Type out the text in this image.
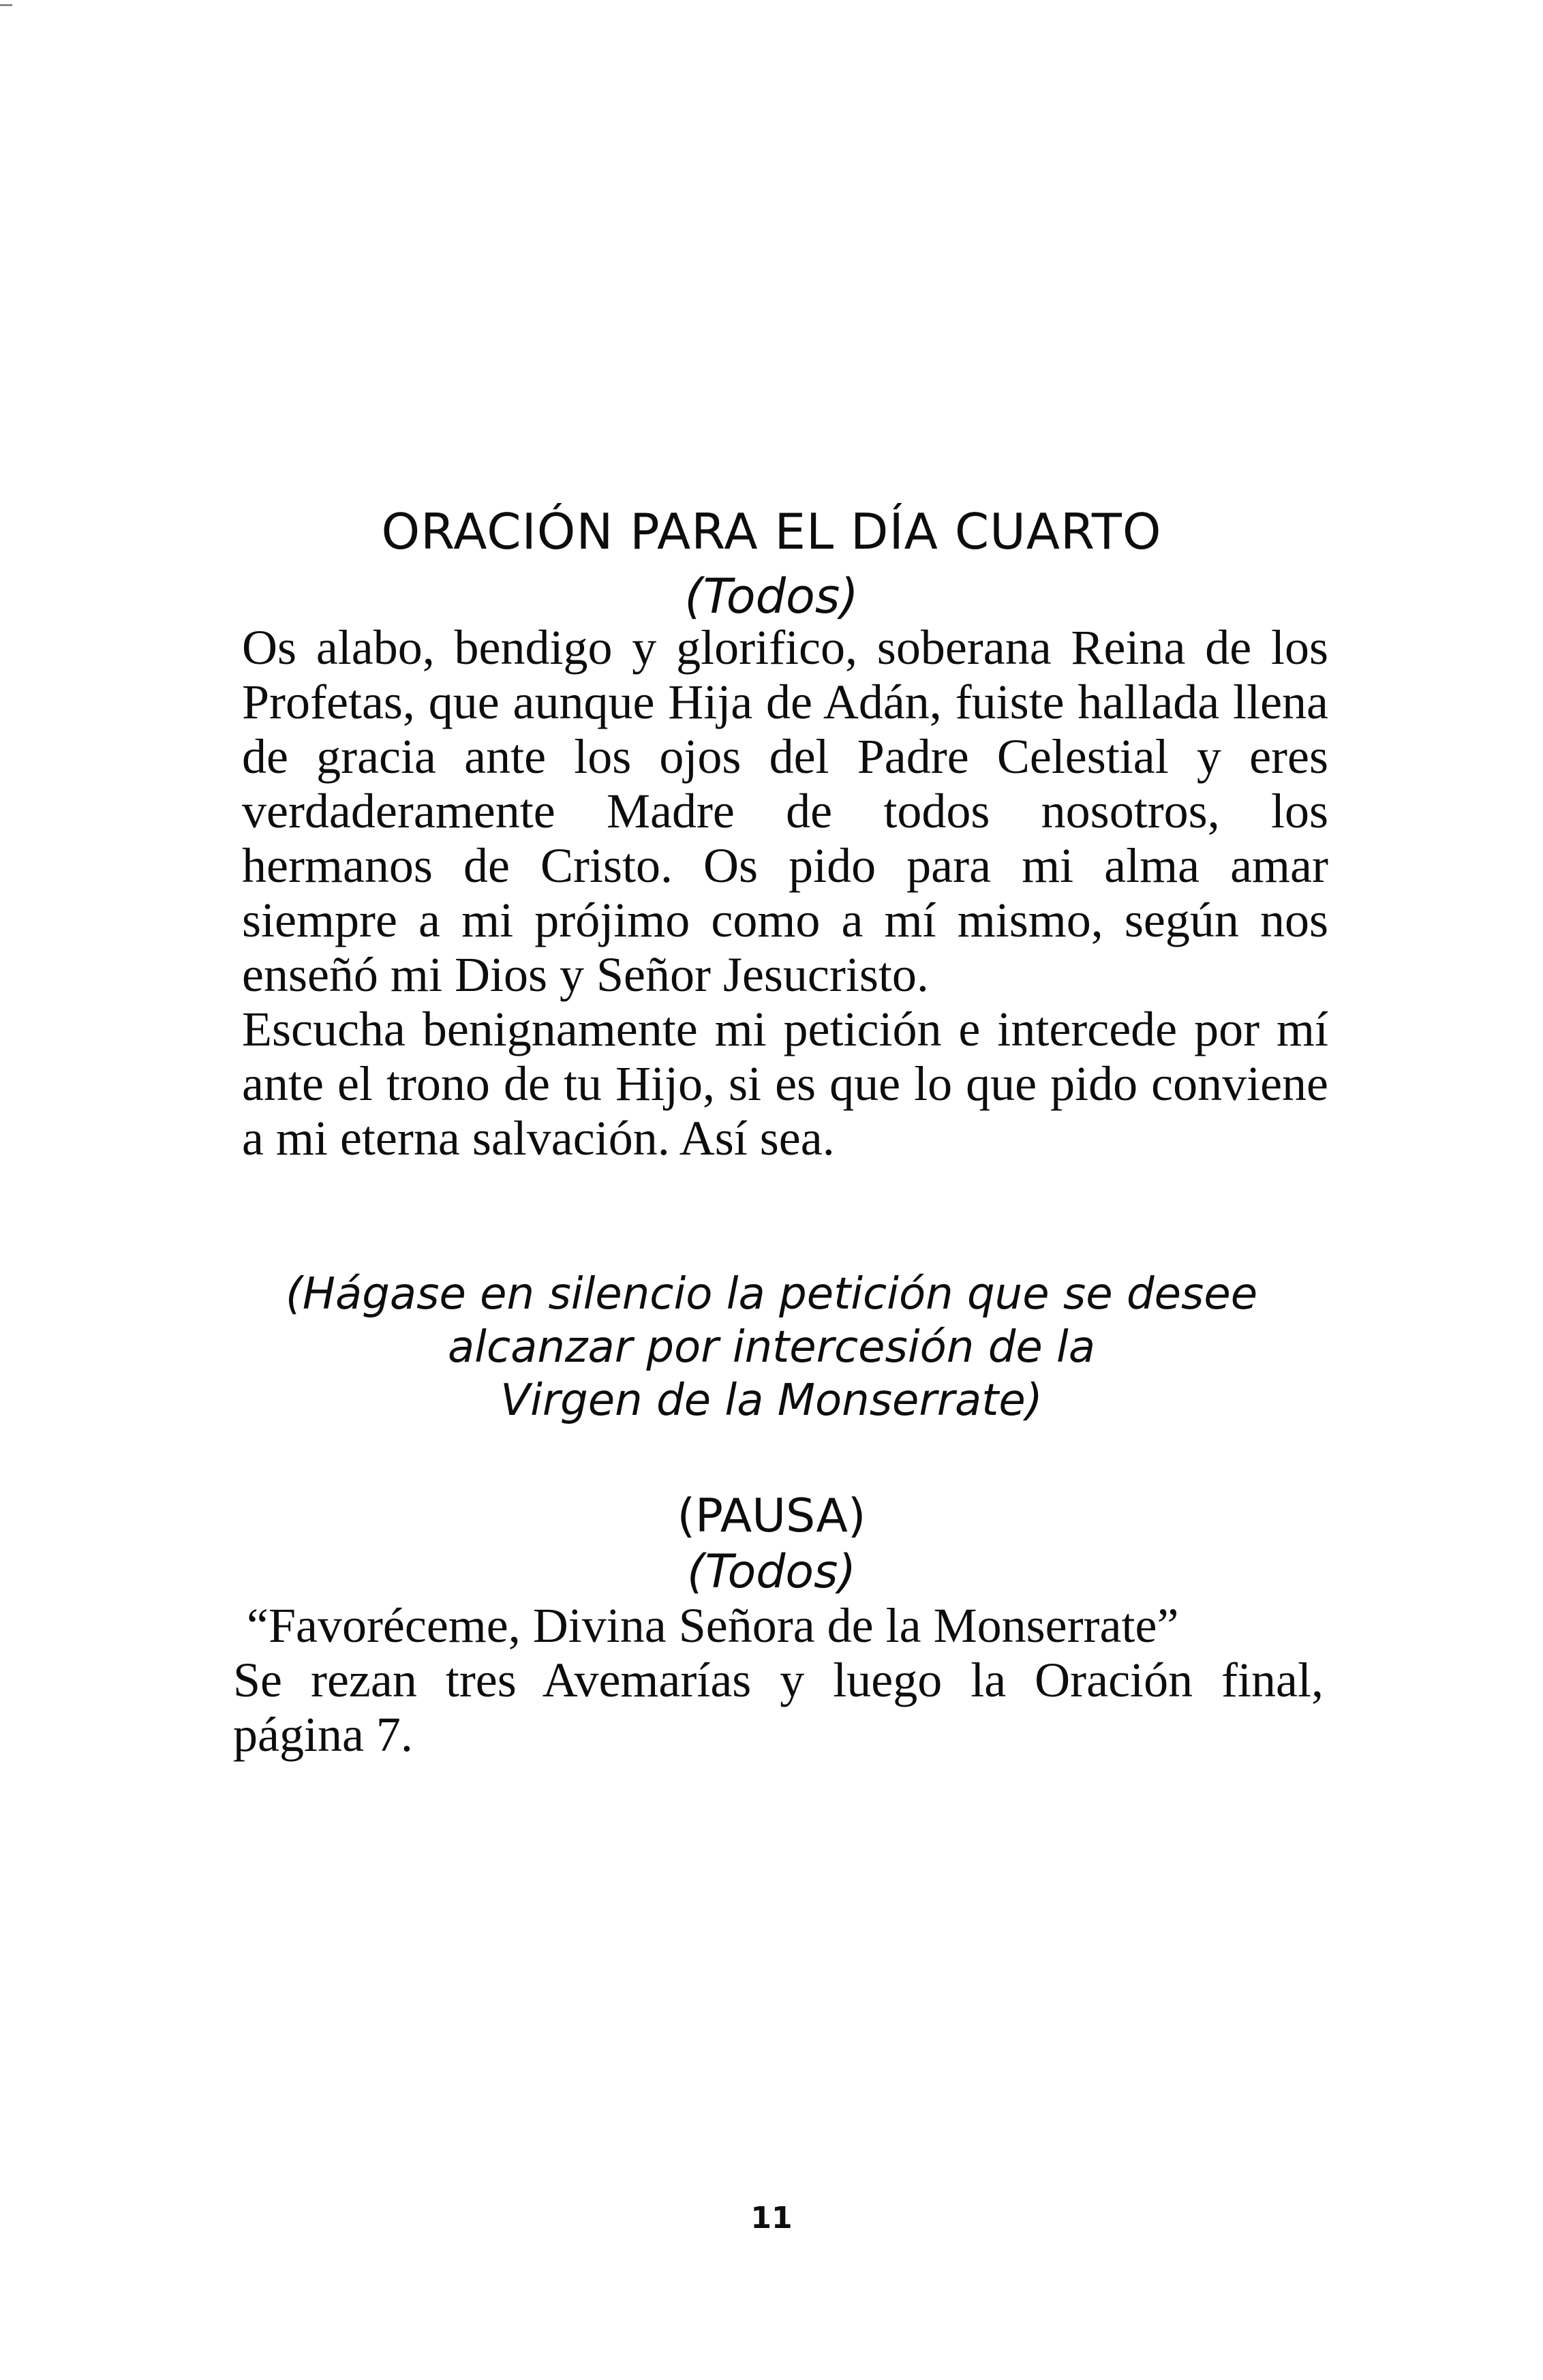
ORACIÓN PARA EL DÍA CUARTO
(Todos)

Os alabo, bendigo y glorifico, soberana Reina de los Profetas, que aunque Hija de Adán, fuiste hallada llena de gracia ante los ojos del Padre Celestial y eres verdaderamente Madre de todos nosotros, los hermanos de Cristo. Os pido para mi alma amar siempre a mi prójimo como a mí mismo, según nos enseñó mi Dios y Señor Jesucristo.

Escucha benignamente mi petición e intercede por mí ante el trono de tu Hijo, si es que lo que pido conviene a mi eterna salvación. Así sea.

(Hágase en silencio la petición que se desee
alcanzar por intercesión de la
Virgen de la Monserrate)
(PAUSA)
(Todos)
“Favoréceme, Divina Señora de la Monserrate”

Se rezan tres Avemarías y luego la Oración final, página 7.

11
